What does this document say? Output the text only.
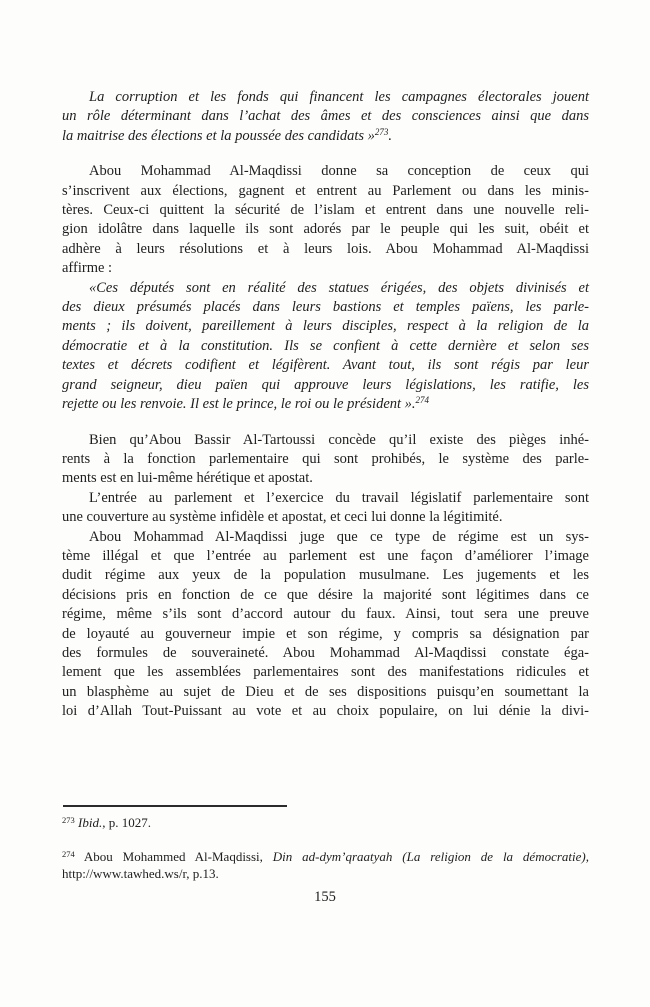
La corruption et les fonds qui financent les campagnes électorales jouent
un rôle déterminant dans l’achat des âmes et des consciences ainsi que dans
la maitrise des élections et la poussée des candidats »$^{273}$.
Abou Mohammad Al-Maqdissi donne sa conception de ceux qui
s’inscrivent aux élections, gagnent et entrent au Parlement ou dans les minis-
tères. Ceux-ci quittent la sécurité de l’islam et entrent dans une nouvelle reli-
gion idolâtre dans laquelle ils sont adorés par le peuple qui les suit, obéit et
adhère à leurs résolutions et à leurs lois. Abou Mohammad Al-Maqdissi
affirme :
«Ces députés sont en réalité des statues érigées, des objets divinisés et
des dieux présumés placés dans leurs bastions et temples païens, les parle-
ments ; ils doivent, pareillement à leurs disciples, respect à la religion de la
démocratie et à la constitution. Ils se confient à cette dernière et selon ses
textes et décrets codifient et légifèrent. Avant tout, ils sont régis par leur
grand seigneur, dieu païen qui approuve leurs législations, les ratifie, les
rejette ou les renvoie. Il est le prince, le roi ou le président ».$^{274}$
Bien qu’Abou Bassir Al-Tartoussi concède qu’il existe des pièges inhé-
rents à la fonction parlementaire qui sont prohibés, le système des parle-
ments est en lui-même hérétique et apostat.
L’entrée au parlement et l’exercice du travail législatif parlementaire sont
une couverture au système infidèle et apostat, et ceci lui donne la légitimité.
Abou Mohammad Al-Maqdissi juge que ce type de régime est un sys-
tème illégal et que l’entrée au parlement est une façon d’améliorer l’image
dudit régime aux yeux de la population musulmane. Les jugements et les
décisions pris en fonction de ce que désire la majorité sont légitimes dans ce
régime, même s’ils sont d’accord autour du faux. Ainsi, tout sera une preuve
de loyauté au gouverneur impie et son régime, y compris sa désignation par
des formules de souveraineté. Abou Mohammad Al-Maqdissi constate éga-
lement que les assemblées parlementaires sont des manifestations ridicules et
un blasphème au sujet de Dieu et de ses dispositions puisqu’en soumettant la
loi d’Allah Tout-Puissant au vote et au choix populaire, on lui dénie la divi-
$^{273}$ Ibid., p. 1027.
$^{274}$ Abou Mohammed Al-Maqdissi, Din ad-dym’qraatyah (La religion de la démocratie),
http://www.tawhed.ws/r, p.13.
155
